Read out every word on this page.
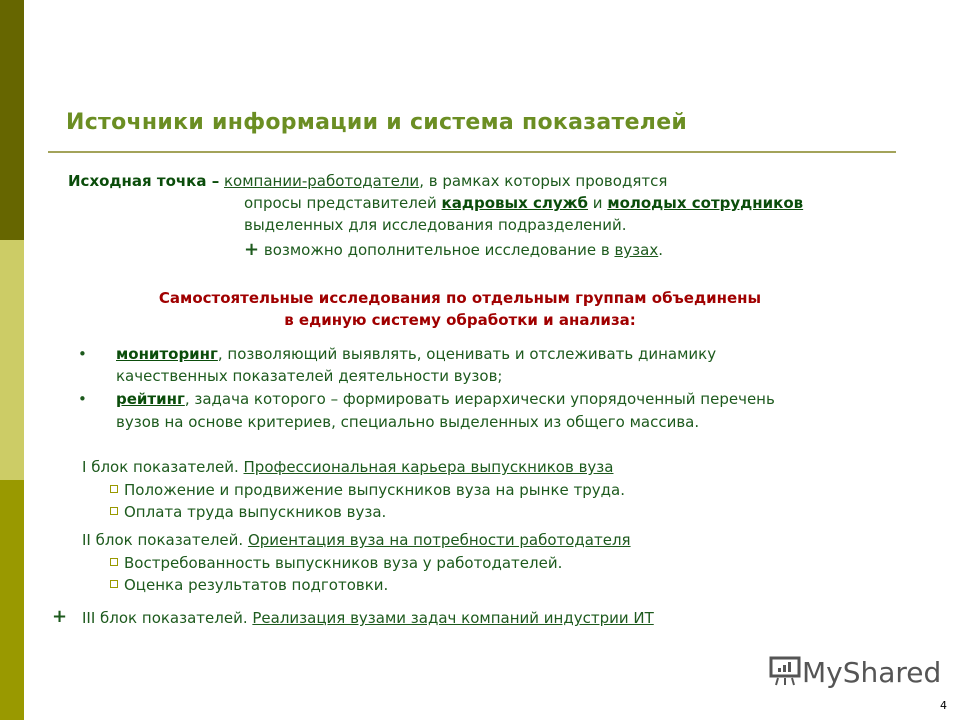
Источники информации и система показателей
Исходная точка – компании-работодатели, в рамках которых проводятся
опросы представителей кадровых служб и молодых сотрудников
выделенных для исследования подразделений.
+ возможно дополнительное исследование в вузах.
Самостоятельные исследования по отдельным группам объединены
в единую систему обработки и анализа:
• мониторинг, позволяющий выявлять, оценивать и отслеживать динамику
качественных показателей деятельности вузов;
• рейтинг, задача которого – формировать иерархически упорядоченный перечень
вузов на основе критериев, специально выделенных из общего массива.
I блок показателей. Профессиональная карьера выпускников вуза
Положение и продвижение выпускников вуза на рынке труда.
Оплата труда выпускников вуза.
II блок показателей. Ориентация вуза на потребности работодателя
Востребованность выпускников вуза у работодателей.
Оценка результатов подготовки.
+ III блок показателей. Реализация вузами задач компаний индустрии ИТ
MyShared
4
